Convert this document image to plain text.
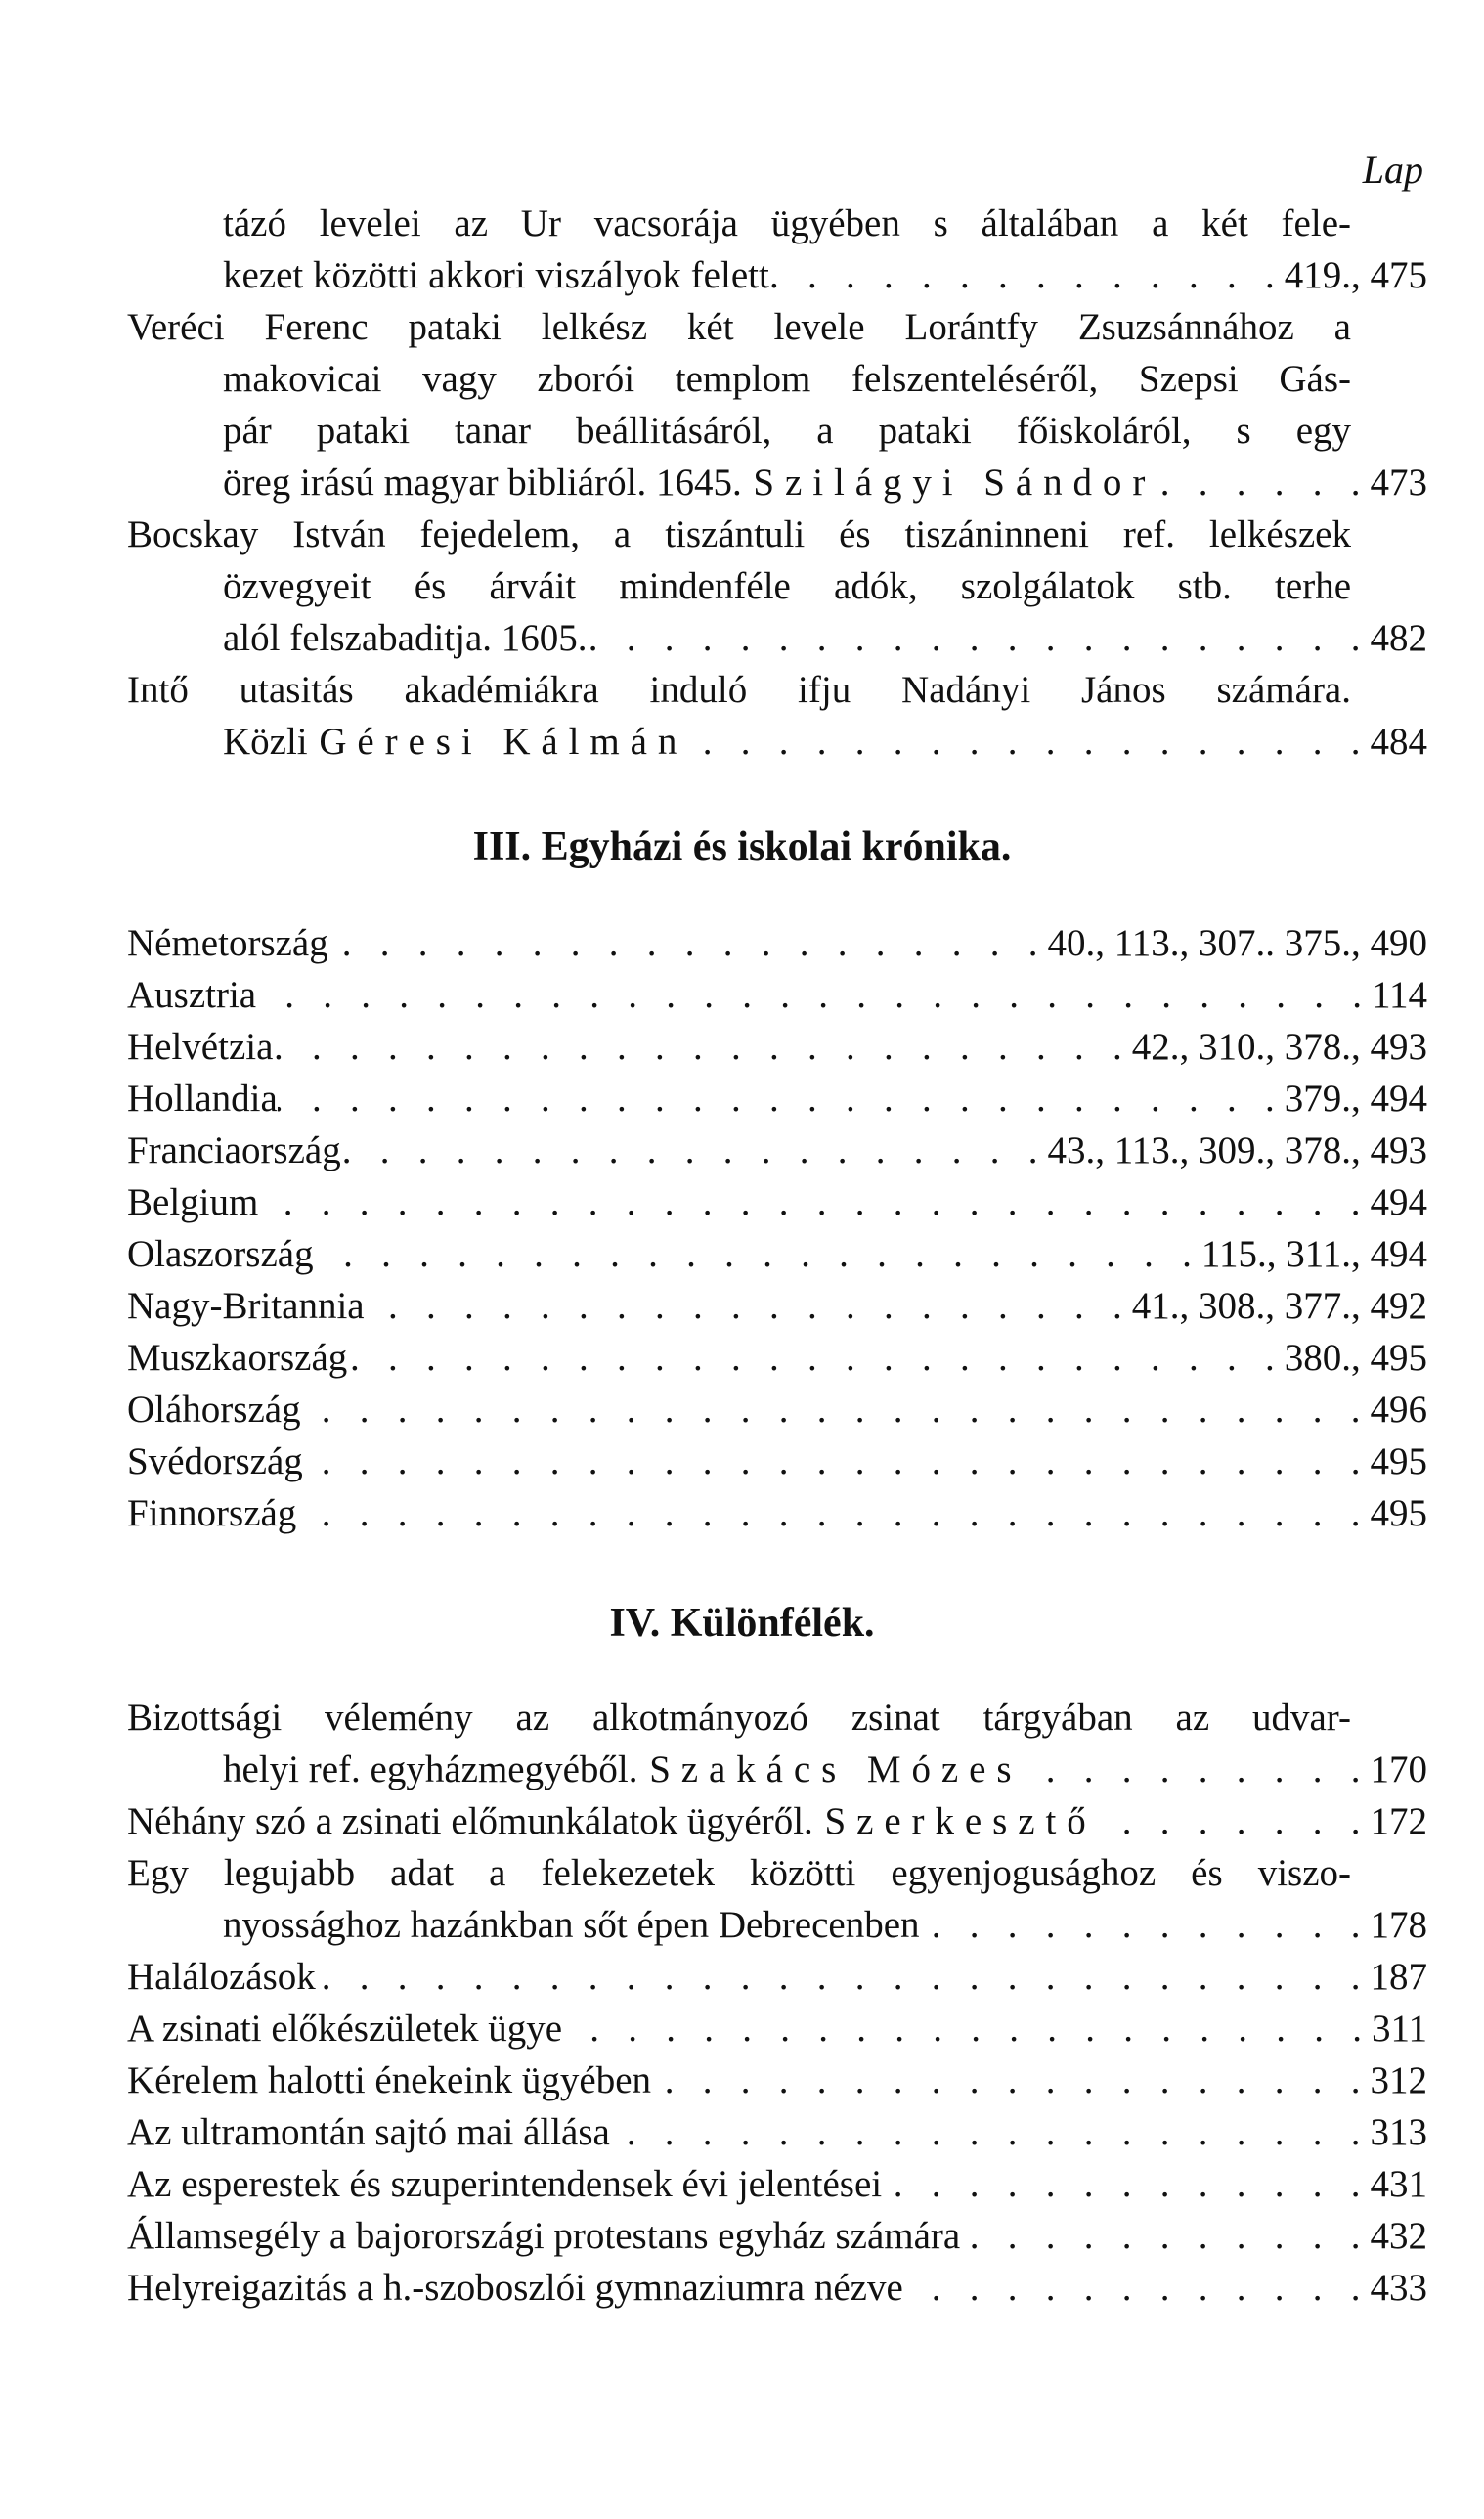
Lap
tázó levelei az Ur vacsorája ügyében s általában a két fele-
kezet közötti akkori viszályok felett .   .	419., 475
Veréci Ferenc pataki lelkész két levele Lorántfy Zsuzsánnához a
makovicai vagy zborói templom felszenteléséről, Szepsi Gás-
pár pataki tanar beállitásáról, a pataki főiskoláról, s egy
öreg irású magyar bibliáról. 1645. Szilágyi Sándor .   .	473
Bocskay István fejedelem, a tiszántuli és tiszáninneni ref. lelkészek
özvegyeit és árváit mindenféle adók, szolgálatok stb. terhe
alól felszabaditja. 1605. .   .	482
Intő utasitás akadémiákra induló ifju Nadányi János számára.
Közli Géresi Kálmán .   .	484
III. Egyházi és iskolai krónika.
Németország .   .	40., 113., 307.. 375., 490
Ausztria .   .	114
Helvétzia .   .	42., 310., 378., 493
Hollandia .   .	379., 494
Franciaország .   .	43., 113., 309., 378., 493
Belgium .   .	494
Olaszország .   .	115., 311., 494
Nagy-Britannia .   .	41., 308., 377., 492
Muszkaország .   .	380., 495
Oláhország .   .	496
Svédország .   .	495
Finnország .   .	495
IV. Különfélék.
Bizottsági vélemény az alkotmányozó zsinat tárgyában az udvar-
helyi ref. egyházmegyéből. Szakács Mózes .   .	170
Néhány szó a zsinati előmunkálatok ügyéről. Szerkesztő .   .	172
Egy legujabb adat a felekezetek közötti egyenjogusághoz és viszo-
nyossághoz hazánkban sőt épen Debrecenben .   .	178
Halálozások .   .	187
A zsinati előkészületek ügye .   .	311
Kérelem halotti énekeink ügyében .   .	312
Az ultramontán sajtó mai állása .   .	313
Az esperestek és szuperintendensek évi jelentései .   .	431
Államsegély a bajorországi protestans egyház számára .   .	432
Helyreigazitás a h.-szoboszlói gymnaziumra nézve .   .	433
